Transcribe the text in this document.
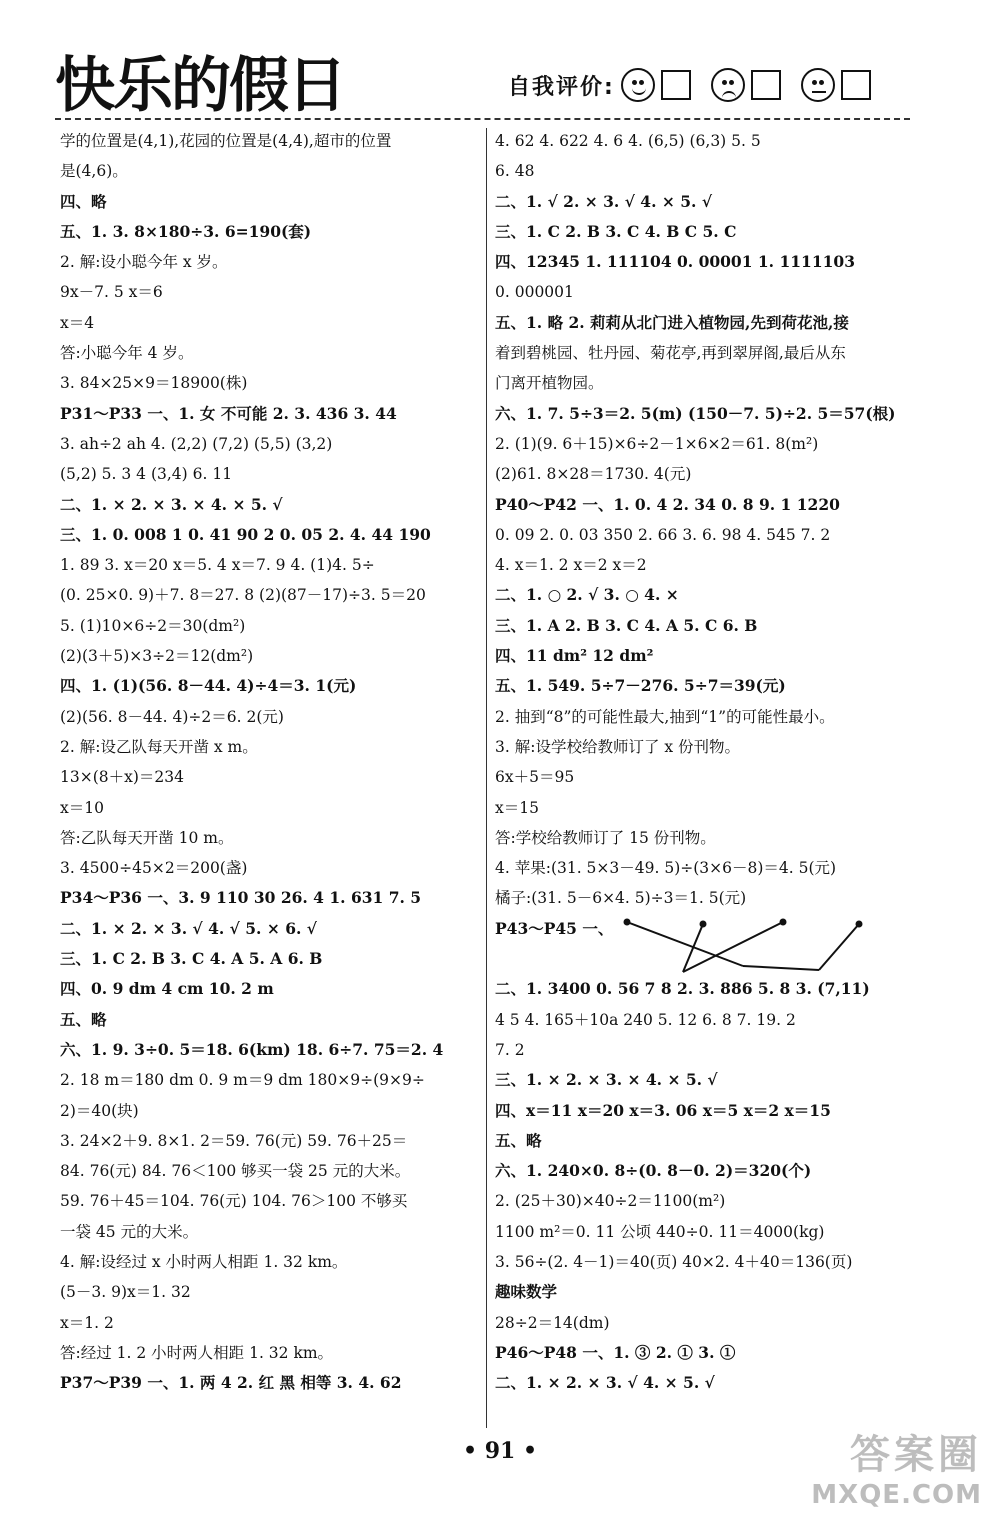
快乐的假日	自我评价:
学的位置是(4,1),花园的位置是(4,4),超市的位置
是(4,6)。
四、略
五、1. 3. 8×180÷3. 6=190(套)
2. 解:设小聪今年 x 岁。
9x－7. 5 x＝6
x＝4
答:小聪今年 4 岁。
3. 84×25×9＝18900(株)
P31～P33 一、1. 女 不可能 2. 3. 436 3. 44
3. ah÷2 ah 4. (2,2) (7,2) (5,5) (3,2)
(5,2) 5. 3 4 (3,4) 6. 11
二、1. × 2. × 3. × 4. × 5. √
三、1. 0. 008 1 0. 41 90 2 0. 05 2. 4. 44 190
1. 89 3. x＝20 x＝5. 4 x＝7. 9 4. (1)4. 5÷
(0. 25×0. 9)＋7. 8＝27. 8 (2)(87－17)÷3. 5＝20
5. (1)10×6÷2＝30(dm²)
(2)(3＋5)×3÷2＝12(dm²)
四、1. (1)(56. 8－44. 4)÷4＝3. 1(元)
(2)(56. 8－44. 4)÷2＝6. 2(元)
2. 解:设乙队每天开凿 x m。
13×(8＋x)＝234
x＝10
答:乙队每天开凿 10 m。
3. 4500÷45×2＝200(盏)
P34～P36 一、3. 9 110 30 26. 4 1. 631 7. 5
二、1. × 2. × 3. √ 4. √ 5. × 6. √
三、1. C 2. B 3. C 4. A 5. A 6. B
四、0. 9 dm 4 cm 10. 2 m
五、略
六、1. 9. 3÷0. 5＝18. 6(km) 18. 6÷7. 75＝2. 4
2. 18 m＝180 dm 0. 9 m＝9 dm 180×9÷(9×9÷
2)＝40(块)
3. 24×2＋9. 8×1. 2＝59. 76(元) 59. 76＋25＝
84. 76(元) 84. 76＜100 够买一袋 25 元的大米。
59. 76＋45＝104. 76(元) 104. 76＞100 不够买
一袋 45 元的大米。
4. 解:设经过 x 小时两人相距 1. 32 km。
(5－3. 9)x＝1. 32
x＝1. 2
答:经过 1. 2 小时两人相距 1. 32 km。
P37～P39 一、1. 两 4 2. 红 黑 相等 3. 4. 62
4. 62 4. 622 4. 6 4. (6,5) (6,3) 5. 5
6. 48
二、1. √ 2. × 3. √ 4. × 5. √
三、1. C 2. B 3. C 4. B C 5. C
四、12345 1. 111104 0. 00001 1. 1111103
0. 000001
五、1. 略 2. 莉莉从北门进入植物园,先到荷花池,接
着到碧桃园、牡丹园、菊花亭,再到翠屏阁,最后从东
门离开植物园。
六、1. 7. 5÷3＝2. 5(m) (150－7. 5)÷2. 5＝57(根)
2. (1)(9. 6＋15)×6÷2－1×6×2＝61. 8(m²)
(2)61. 8×28＝1730. 4(元)
P40～P42 一、1. 0. 4 2. 34 0. 8 9. 1 1220
0. 09 2. 0. 03 350 2. 66 3. 6. 98 4. 545 7. 2
4. x＝1. 2 x＝2 x＝2
二、1. ○ 2. √ 3. ○ 4. ×
三、1. A 2. B 3. C 4. A 5. C 6. B
四、11 dm² 12 dm²
五、1. 549. 5÷7－276. 5÷7＝39(元)
2. 抽到“8”的可能性最大,抽到“1”的可能性最小。
3. 解:设学校给教师订了 x 份刊物。
6x＋5＝95
x＝15
答:学校给教师订了 15 份刊物。
4. 苹果:(31. 5×3－49. 5)÷(3×6－8)＝4. 5(元)
橘子:(31. 5－6×4. 5)÷3＝1. 5(元)
P43～P45 一、
二、1. 3400 0. 56 7 8 2. 3. 886 5. 8 3. (7,11)
4 5 4. 165＋10a 240 5. 12 6. 8 7. 19. 2
7. 2
三、1. × 2. × 3. × 4. × 5. √
四、x＝11 x＝20 x＝3. 06 x＝5 x＝2 x＝15
五、略
六、1. 240×0. 8÷(0. 8－0. 2)＝320(个)
2. (25＋30)×40÷2＝1100(m²)
1100 m²＝0. 11 公顷 440÷0. 11＝4000(kg)
3. 56÷(2. 4－1)＝40(页) 40×2. 4＋40＝136(页)
趣味数学
28÷2＝14(dm)
P46～P48 一、1. ③ 2. ① 3. ①
二、1. × 2. × 3. √ 4. × 5. √
• 91 •	答案圈
MXQE.COM
